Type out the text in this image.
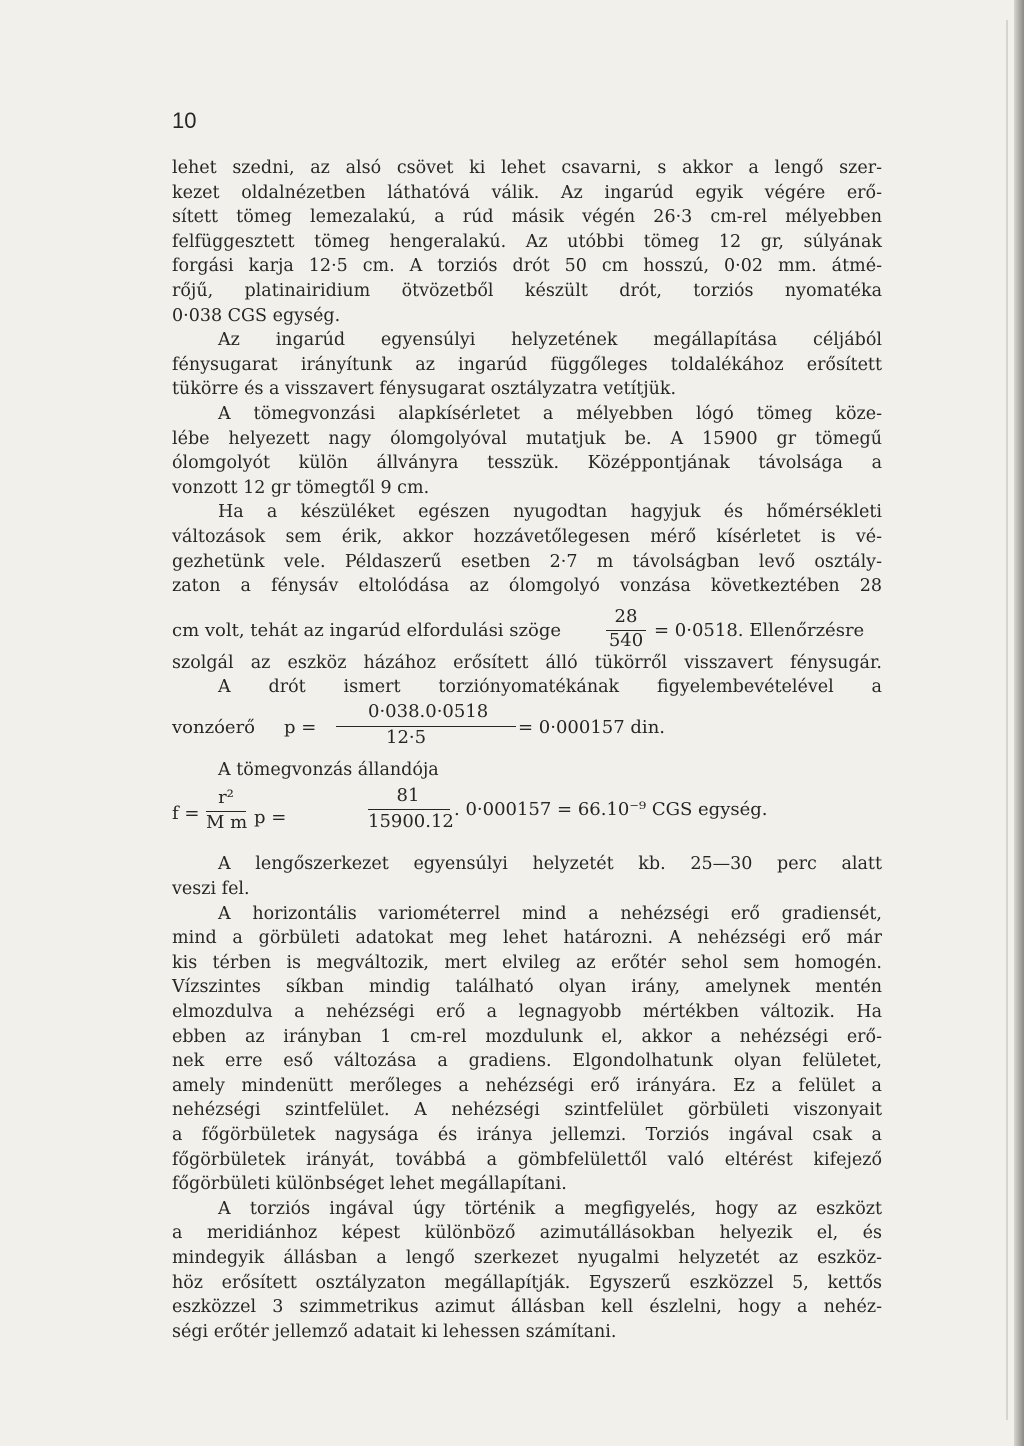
10
lehet szedni, az alsó csövet ki lehet csavarni, s akkor a lengő szer-
kezet oldalnézetben láthatóvá válik. Az ingarúd egyik végére erő-
sített tömeg lemezalakú, a rúd másik végén 26·3 cm-rel mélyebben
felfüggesztett tömeg hengeralakú. Az utóbbi tömeg 12 gr, súlyának
forgási karja 12·5 cm. A torziós drót 50 cm hosszú, 0·02 mm. átmé-
rőjű, platinairidium ötvözetből készült drót, torziós nyomatéka
0·038 CGS egység.
Az ingarúd egyensúlyi helyzetének megállapítása céljából
fénysugarat irányítunk az ingarúd függőleges toldalékához erősített
tükörre és a visszavert fénysugarat osztályzatra vetítjük.
A tömegvonzási alapkísérletet a mélyebben lógó tömeg köze-
lébe helyezett nagy ólomgolyóval mutatjuk be. A 15900 gr tömegű
ólomgolyót külön állványra tesszük. Középpontjának távolsága a
vonzott 12 gr tömegtől 9 cm.
Ha a készüléket egészen nyugodtan hagyjuk és hőmérsékleti
változások sem érik, akkor hozzávetőlegesen mérő kísérletet is vé-
gezhetünk vele. Példaszerű esetben 2·7 m távolságban levő osztály-
zaton a fénysáv eltolódása az ólomgolyó vonzása következtében 28
cm volt, tehát az ingarúd elfordulási szöge
28
540 = 0·0518. Ellenőrzésre
szolgál az eszköz házához erősített álló tükörről visszavert fénysugár.
A drót ismert torziónyomatékának figyelembevételével a
vonzóerő p =
0·038.0·0518
12·5	= 0·000157 din.
A tömegvonzás állandója
f =
r²
M m p =
81
15900.12
. 0·000157 = 66.10⁻⁹ CGS egység.
A lengőszerkezet egyensúlyi helyzetét kb. 25—30 perc alatt
veszi fel.
A horizontális variométerrel mind a nehézségi erő gradiensét,
mind a görbületi adatokat meg lehet határozni. A nehézségi erő már
kis térben is megváltozik, mert elvileg az erőtér sehol sem homogén.
Vízszintes síkban mindig található olyan irány, amelynek mentén
elmozdulva a nehézségi erő a legnagyobb mértékben változik. Ha
ebben az irányban 1 cm-rel mozdulunk el, akkor a nehézségi erő-
nek erre eső változása a gradiens. Elgondolhatunk olyan felületet,
amely mindenütt merőleges a nehézségi erő irányára. Ez a felület a
nehézségi szintfelület. A nehézségi szintfelület görbületi viszonyait
a főgörbületek nagysága és iránya jellemzi. Torziós ingával csak a
főgörbületek irányát, továbbá a gömbfelülettől való eltérést kifejező
főgörbületi különbséget lehet megállapítani.
A torziós ingával úgy történik a megfigyelés, hogy az eszközt
a meridiánhoz képest különböző azimutállásokban helyezik el, és
mindegyik állásban a lengő szerkezet nyugalmi helyzetét az eszköz-
höz erősített osztályzaton megállapítják. Egyszerű eszközzel 5, kettős
eszközzel 3 szimmetrikus azimut állásban kell észlelni, hogy a nehéz-
ségi erőtér jellemző adatait ki lehessen számítani.
